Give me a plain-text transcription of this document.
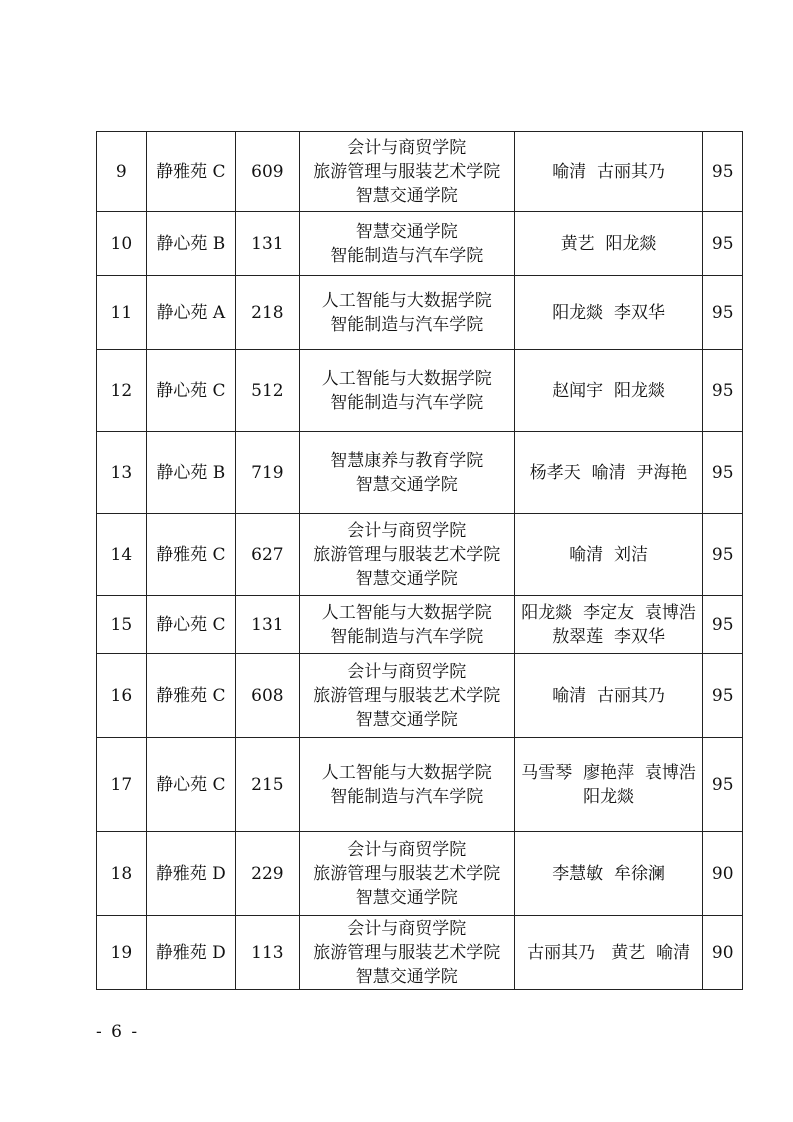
9	静雅苑 C	609	会计与商贸学院
旅游管理与服装艺术学院
智慧交通学院	喻清  古丽其乃	95
10	静心苑 B	131	智慧交通学院
智能制造与汽车学院	黄艺  阳龙燚	95
11	静心苑 A	218	人工智能与大数据学院
智能制造与汽车学院	阳龙燚  李双华	95
12	静心苑 C	512	人工智能与大数据学院
智能制造与汽车学院	赵闻宇  阳龙燚	95
13	静心苑 B	719	智慧康养与教育学院
智慧交通学院	杨孝天  喻清  尹海艳	95
14	静雅苑 C	627	会计与商贸学院
旅游管理与服装艺术学院
智慧交通学院	喻清  刘洁	95
15	静心苑 C	131	人工智能与大数据学院
智能制造与汽车学院	阳龙燚  李定友  袁博浩
敖翠莲  李双华	95
16	静雅苑 C	608	会计与商贸学院
旅游管理与服装艺术学院
智慧交通学院	喻清  古丽其乃	95
17	静心苑 C	215	人工智能与大数据学院
智能制造与汽车学院	马雪琴  廖艳萍  袁博浩
阳龙燚	95
18	静雅苑 D	229	会计与商贸学院
旅游管理与服装艺术学院
智慧交通学院	李慧敏  牟徐澜	90
19	静雅苑 D	113	会计与商贸学院
旅游管理与服装艺术学院
智慧交通学院	古丽其乃   黄艺  喻清	90
- 6 -
